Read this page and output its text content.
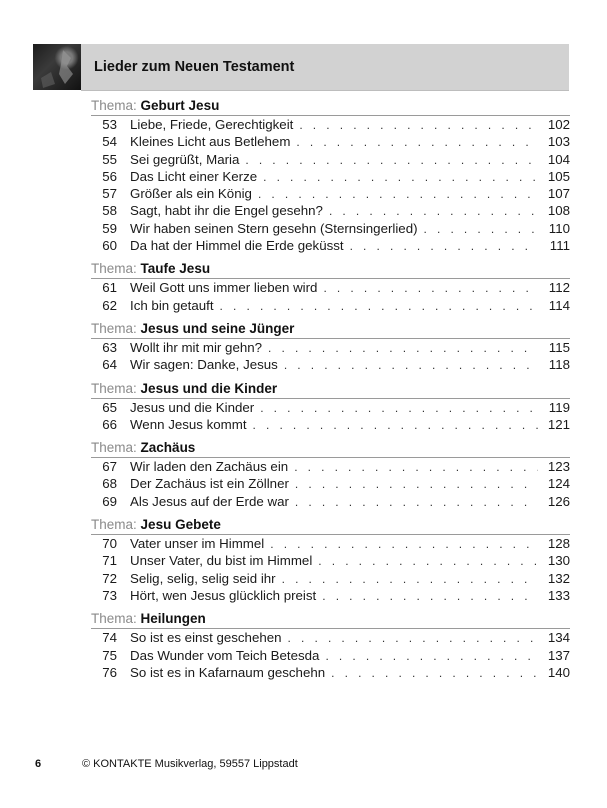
Lieder zum Neuen Testament
Thema: Geburt Jesu
53 Liebe, Friede, Gerechtigkeit . . .	102
54 Kleines Licht aus Betlehem . . .	103
55 Sei gegrüßt, Maria . . .	104
56 Das Licht einer Kerze . . .	105
57 Größer als ein König . . .	107
58 Sagt, habt ihr die Engel gesehn? . . .	108
59 Wir haben seinen Stern gesehn (Sternsingerlied) . . .	110
60 Da hat der Himmel die Erde geküsst . . .	111
Thema: Taufe Jesu
61 Weil Gott uns immer lieben wird . . .	112
62 Ich bin getauft . . .	114
Thema: Jesus und seine Jünger
63 Wollt ihr mit mir gehn? . . .	115
64 Wir sagen: Danke, Jesus . . .	118
Thema: Jesus und die Kinder
65 Jesus und die Kinder . . .	119
66 Wenn Jesus kommt . . .	121
Thema: Zachäus
67 Wir laden den Zachäus ein . . .	123
68 Der Zachäus ist ein Zöllner . . .	124
69 Als Jesus auf der Erde war . . .	126
Thema: Jesu Gebete
70 Vater unser im Himmel . . .	128
71 Unser Vater, du bist im Himmel . . .	130
72 Selig, selig, selig seid ihr . . .	132
73 Hört, wen Jesus glücklich preist . . .	133
Thema: Heilungen
74 So ist es einst geschehen . . .	134
75 Das Wunder vom Teich Betesda . . .	137
76 So ist es in Kafarnaum geschehn . . .	140
6	© KONTAKTE Musikverlag, 59557 Lippstadt
